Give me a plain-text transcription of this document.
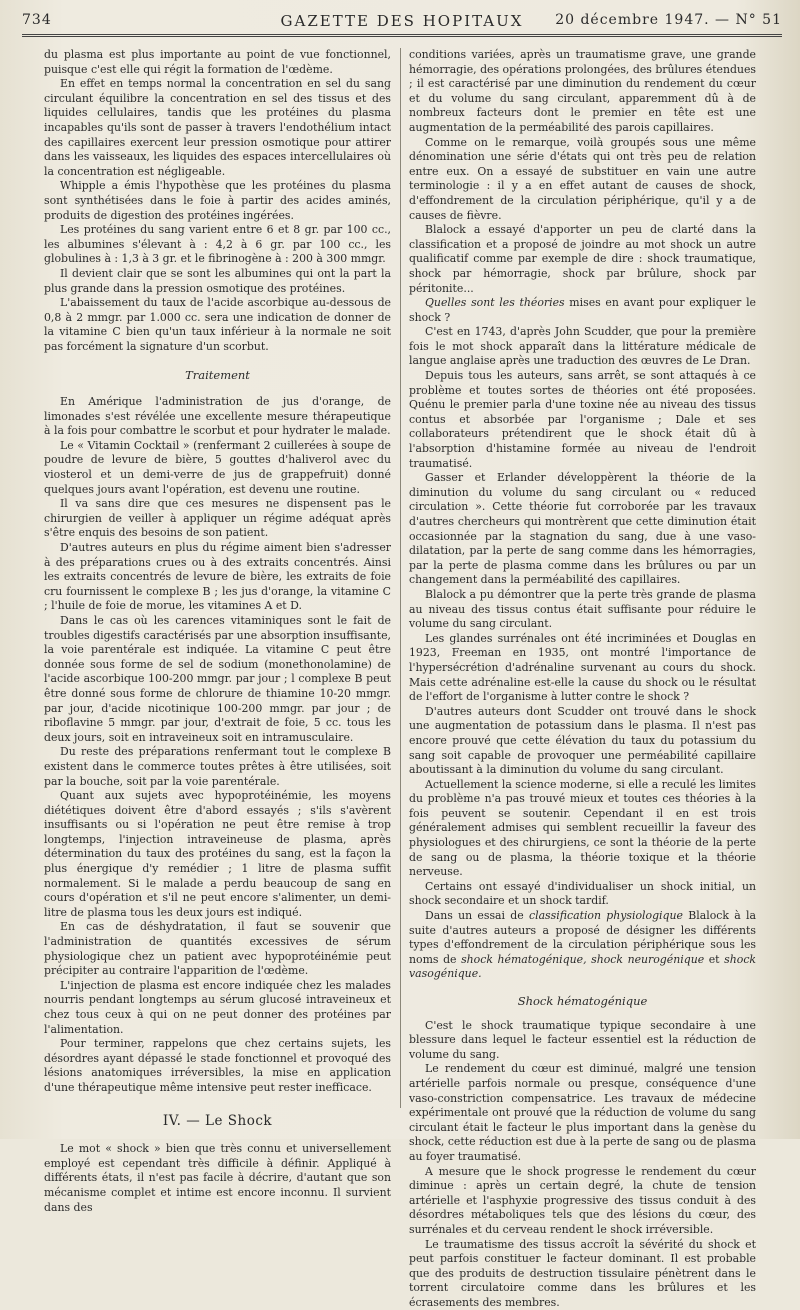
734	GAZETTE DES HOPITAUX	20 décembre 1947. — N° 51

du plasma est plus importante au point de vue fonctionnel, puisque c'est elle qui régit la formation de l'œdème.

En effet en temps normal la concentration en sel du sang circulant équilibre la concentration en sel des tissus et des liquides cellulaires, tandis que les protéines du plasma incapables qu'ils sont de passer à travers l'endothélium intact des capillaires exercent leur pression osmotique pour attirer dans les vaisseaux, les liquides des espaces intercellulaires où la concentration est négligeable.

Whipple a émis l'hypothèse que les protéines du plasma sont synthétisées dans le foie à partir des acides aminés, produits de digestion des protéines ingérées.

Les protéines du sang varient entre 6 et 8 gr. par 100 cc., les albumines s'élevant à : 4,2 à 6 gr. par 100 cc., les globulines à : 1,3 à 3 gr. et le fibrinogène à : 200 à 300 mmgr.

Il devient clair que se sont les albumines qui ont la part la plus grande dans la pression osmotique des protéines.

L'abaissement du taux de l'acide ascorbique au-dessous de 0,8 à 2 mmgr. par 1.000 cc. sera une indication de donner de la vitamine C bien qu'un taux inférieur à la normale ne soit pas forcément la signature d'un scorbut.

Traitement

En Amérique l'administration de jus d'orange, de limonades s'est révélée une excellente mesure thérapeutique à la fois pour combattre le scorbut et pour hydrater le malade.

Le « Vitamin Cocktail » (renfermant 2 cuillerées à soupe de poudre de levure de bière, 5 gouttes d'haliverol avec du viosterol et un demi-verre de jus de grappefruit) donné quelques jours avant l'opération, est devenu une routine.

Il va sans dire que ces mesures ne dispensent pas le chirurgien de veiller à appliquer un régime adéquat après s'être enquis des besoins de son patient.

D'autres auteurs en plus du régime aiment bien s'adresser à des préparations crues ou à des extraits concentrés. Ainsi les extraits concentrés de levure de bière, les extraits de foie cru fournissent le complexe B ; les jus d'orange, la vitamine C ; l'huile de foie de morue, les vitamines A et D.

Dans le cas où les carences vitaminiques sont le fait de troubles digestifs caractérisés par une absorption insuffisante, la voie parentérale est indiquée. La vitamine C peut être donnée sous forme de sel de sodium (monethonolamine) de l'acide ascorbique 100-200 mmgr. par jour ; l complexe B peut être donné sous forme de chlorure de thiamine 10-20 mmgr. par jour, d'acide nicotinique 100-200 mmgr. par jour ; de riboflavine 5 mmgr. par jour, d'extrait de foie, 5 cc. tous les deux jours, soit en intraveineux soit en intramusculaire.

Du reste des préparations renfermant tout le complexe B existent dans le commerce toutes prêtes à être utilisées, soit par la bouche, soit par la voie parentérale.

Quant aux sujets avec hypoprotéinémie, les moyens diététiques doivent être d'abord essayés ; s'ils s'avèrent insuffisants ou si l'opération ne peut être remise à trop longtemps, l'injection intraveineuse de plasma, après détermination du taux des protéines du sang, est la façon la plus énergique d'y remédier ; 1 litre de plasma suffit normalement. Si le malade a perdu beaucoup de sang en cours d'opération et s'il ne peut encore s'alimenter, un demi-litre de plasma tous les deux jours est indiqué.

En cas de déshydratation, il faut se souvenir que l'administration de quantités excessives de sérum physiologique chez un patient avec hypoprotéinémie peut précipiter au contraire l'apparition de l'œdème.

L'injection de plasma est encore indiquée chez les malades nourris pendant longtemps au sérum glucosé intraveineux et chez tous ceux à qui on ne peut donner des protéines par l'alimentation.

Pour terminer, rappelons que chez certains sujets, les désordres ayant dépassé le stade fonctionnel et provoqué des lésions anatomiques irréversibles, la mise en application d'une thérapeutique même intensive peut rester inefficace.

IV. — Le Shock

Le mot « shock » bien que très connu et universellement employé est cependant très difficile à définir. Appliqué à différents états, il n'est pas facile à décrire, d'autant que son mécanisme complet et intime est encore inconnu. Il survient dans des

conditions variées, après un traumatisme grave, une grande hémorragie, des opérations prolongées, des brûlures étendues ; il est caractérisé par une diminution du rendement du cœur et du volume du sang circulant, apparemment dû à de nombreux facteurs dont le premier en tête est une augmentation de la perméabilité des parois capillaires.

Comme on le remarque, voilà groupés sous une même dénomination une série d'états qui ont très peu de relation entre eux. On a essayé de substituer en vain une autre terminologie : il y a en effet autant de causes de shock, d'effondrement de la circulation périphérique, qu'il y a de causes de fièvre.

Blalock a essayé d'apporter un peu de clarté dans la classification et a proposé de joindre au mot shock un autre qualificatif comme par exemple de dire : shock traumatique, shock par hémorragie, shock par brûlure, shock par péritonite...

Quelles sont les théories mises en avant pour expliquer le shock ?

C'est en 1743, d'après John Scudder, que pour la première fois le mot shock apparaît dans la littérature médicale de langue anglaise après une traduction des œuvres de Le Dran.

Depuis tous les auteurs, sans arrêt, se sont attaqués à ce problème et toutes sortes de théories ont été proposées. Quénu le premier parla d'une toxine née au niveau des tissus contus et absorbée par l'organisme ; Dale et ses collaborateurs prétendirent que le shock était dû à l'absorption d'histamine formée au niveau de l'endroit traumatisé.

Gasser et Erlander développèrent la théorie de la diminution du volume du sang circulant ou « reduced circulation ». Cette théorie fut corroborée par les travaux d'autres chercheurs qui montrèrent que cette diminution était occasionnée par la stagnation du sang, due à une vaso-dilatation, par la perte de sang comme dans les hémorragies, par la perte de plasma comme dans les brûlures ou par un changement dans la perméabilité des capillaires.

Blalock a pu démontrer que la perte très grande de plasma au niveau des tissus contus était suffisante pour réduire le volume du sang circulant.

Les glandes surrénales ont été incriminées et Douglas en 1923, Freeman en 1935, ont montré l'importance de l'hypersécrétion d'adrénaline survenant au cours du shock. Mais cette adrénaline est-elle la cause du shock ou le résultat de l'effort de l'organisme à lutter contre le shock ?

D'autres auteurs dont Scudder ont trouvé dans le shock une augmentation de potassium dans le plasma. Il n'est pas encore prouvé que cette élévation du taux du potassium du sang soit capable de provoquer une perméabilité capillaire aboutissant à la diminution du volume du sang circulant.

Actuellement la science moderne, si elle a reculé les limites du problème n'a pas trouvé mieux et toutes ces théories à la fois peuvent se soutenir. Cependant il en est trois généralement admises qui semblent recueillir la faveur des physiologues et des chirurgiens, ce sont la théorie de la perte de sang ou de plasma, la théorie toxique et la théorie nerveuse.

Certains ont essayé d'individualiser un shock initial, un shock secondaire et un shock tardif.

Dans un essai de classification physiologique Blalock à la suite d'autres auteurs a proposé de désigner les différents types d'effondrement de la circulation périphérique sous les noms de shock hématogénique, shock neurogénique et shock vasogénique.

Shock hématogénique

C'est le shock traumatique typique secondaire à une blessure dans lequel le facteur essentiel est la réduction de volume du sang.

Le rendement du cœur est diminué, malgré une tension artérielle parfois normale ou presque, conséquence d'une vaso-constriction compensatrice. Les travaux de médecine expérimentale ont prouvé que la réduction de volume du sang circulant était le facteur le plus important dans la genèse du shock, cette réduction est due à la perte de sang ou de plasma au foyer traumatisé.

A mesure que le shock progresse le rendement du cœur diminue : après un certain degré, la chute de tension artérielle et l'asphyxie progressive des tissus conduit à des désordres métaboliques tels que des lésions du cœur, des surrénales et du cerveau rendent le shock irréversible.

Le traumatisme des tissus accroît la sévérité du shock et peut parfois constituer le facteur dominant. Il est probable que des produits de destruction tissulaire pénètrent dans le torrent circulatoire comme dans les brûlures et les écrasements des membres.
